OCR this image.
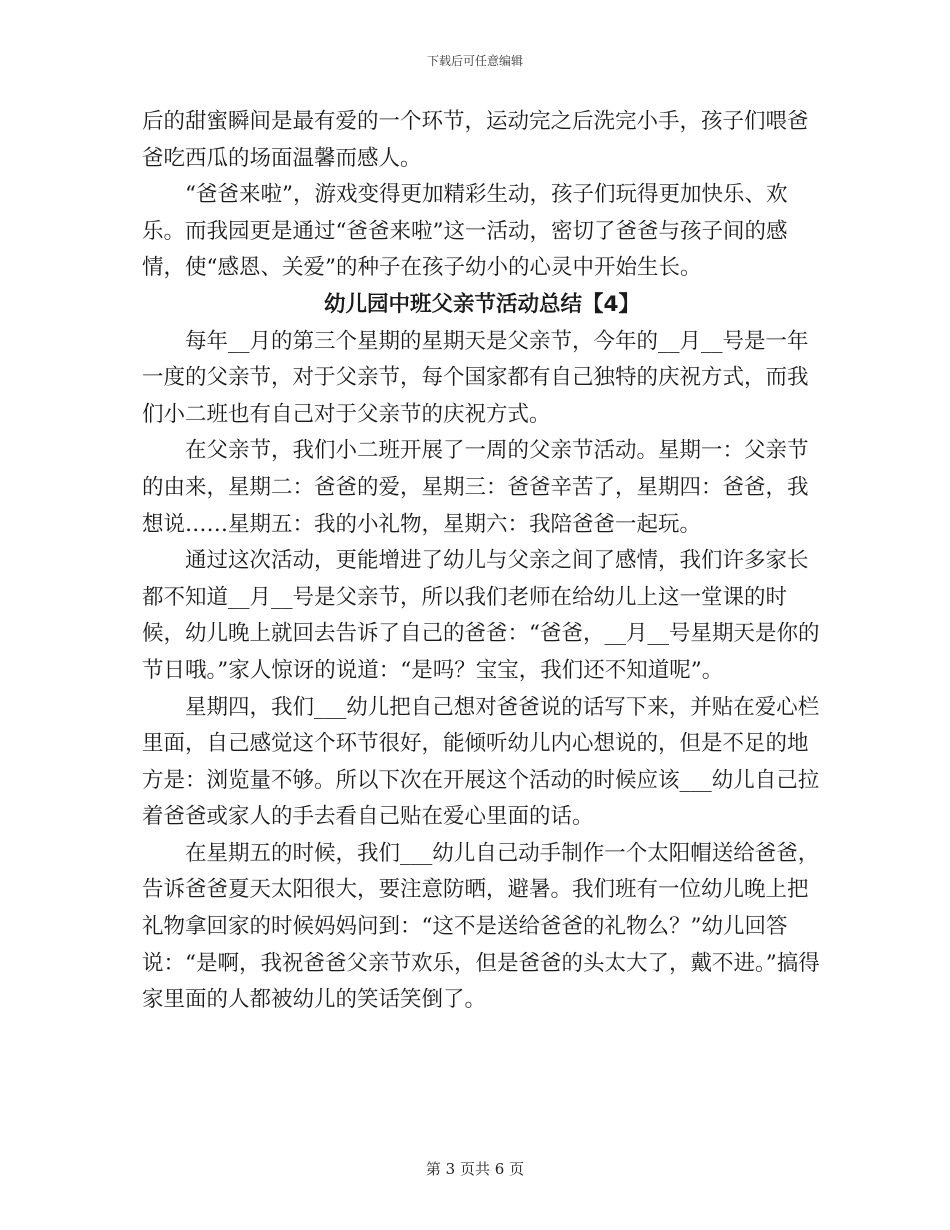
下载后可任意编辑

后的甜蜜瞬间是最有爱的一个环节，运动完之后洗完小手，孩子们喂爸爸吃西瓜的场面温馨而感人。

“爸爸来啦”，游戏变得更加精彩生动，孩子们玩得更加快乐、欢乐。而我园更是通过“爸爸来啦”这一活动，密切了爸爸与孩子间的感情，使“感恩、关爱”的种子在孩子幼小的心灵中开始生长。

幼儿园中班父亲节活动总结【4】

每年__月的第三个星期的星期天是父亲节，今年的__月__号是一年一度的父亲节，对于父亲节，每个国家都有自己独特的庆祝方式，而我们小二班也有自己对于父亲节的庆祝方式。

在父亲节，我们小二班开展了一周的父亲节活动。星期一：父亲节的由来，星期二：爸爸的爱，星期三：爸爸辛苦了，星期四：爸爸，我想说……星期五：我的小礼物，星期六：我陪爸爸一起玩。

通过这次活动，更能增进了幼儿与父亲之间了感情，我们许多家长都不知道__月__号是父亲节，所以我们老师在给幼儿上这一堂课的时候，幼儿晚上就回去告诉了自己的爸爸：“爸爸，__月__号星期天是你的节日哦。”家人惊讶的说道：“是吗？宝宝，我们还不知道呢”。

星期四，我们___幼儿把自己想对爸爸说的话写下来，并贴在爱心栏里面，自己感觉这个环节很好，能倾听幼儿内心想说的，但是不足的地方是：浏览量不够。所以下次在开展这个活动的时候应该___幼儿自己拉着爸爸或家人的手去看自己贴在爱心里面的话。

在星期五的时候，我们___幼儿自己动手制作一个太阳帽送给爸爸，告诉爸爸夏天太阳很大，要注意防晒，避暑。我们班有一位幼儿晚上把礼物拿回家的时候妈妈问到：“这不是送给爸爸的礼物么？”幼儿回答说：“是啊，我祝爸爸父亲节欢乐，但是爸爸的头太大了，戴不进。”搞得家里面的人都被幼儿的笑话笑倒了。

第 3 页共 6 页
